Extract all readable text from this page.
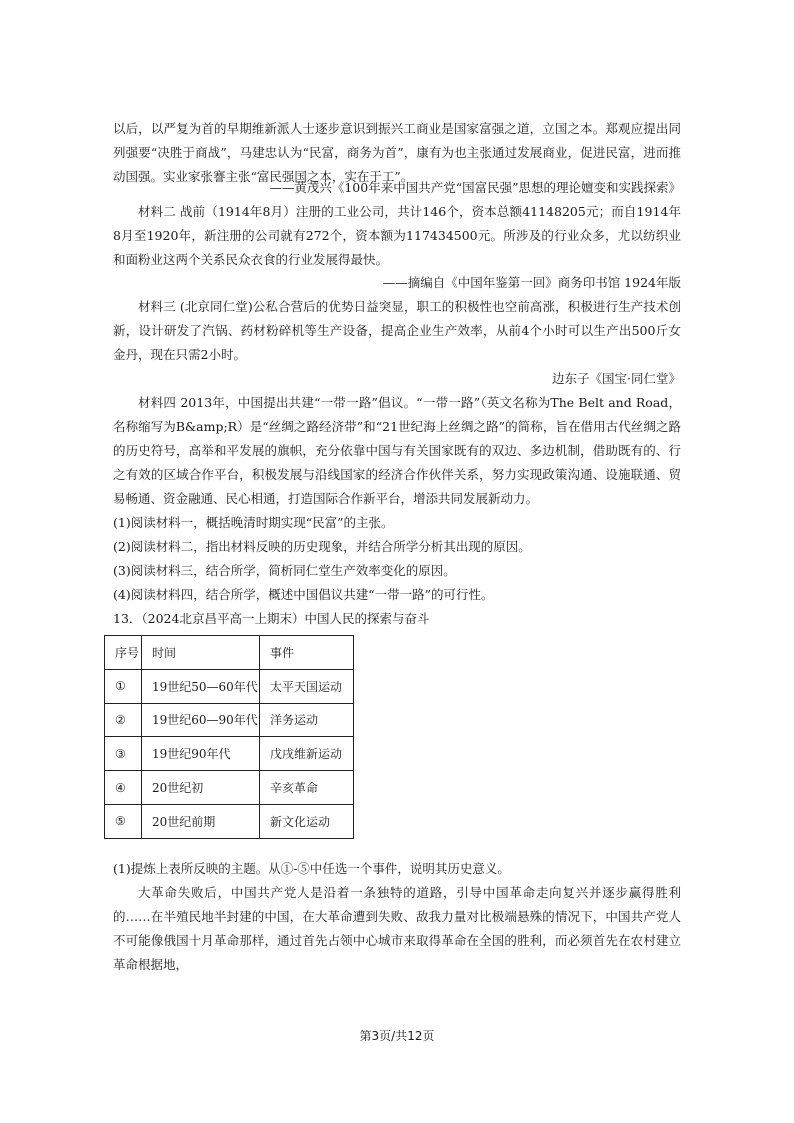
以后，以严复为首的早期维新派人士逐步意识到振兴工商业是国家富强之道，立国之本。郑观应提出同列强要“决胜于商战”，马建忠认为“民富，商务为首”，康有为也主张通过发展商业，促进民富，进而推动国强。实业家张謇主张“富民强国之本，实在于工”。

——黄茂兴《100年来中国共产党“国富民强”思想的理论嬗变和实践探索》

材料二 战前（1914年8月）注册的工业公司，共计146个，资本总额41148205元；而自1914年8月至1920年，新注册的公司就有272个，资本额为117434500元。所涉及的行业众多，尤以纺织业和面粉业这两个关系民众衣食的行业发展得最快。

——摘编自《中国年鉴第一回》商务印书馆 1924年版

材料三 (北京同仁堂)公私合营后的优势日益突显，职工的积极性也空前高涨，积极进行生产技术创新，设计研发了汽锅、药材粉碎机等生产设备，提高企业生产效率，从前4个小时可以生产出500斤女金丹，现在只需2小时。

边东子《国宝·同仁堂》

材料四 2013年，中国提出共建“一带一路”倡议。“一带一路”（英文名称为The Belt and Road，名称缩写为B&amp;R）是“丝绸之路经济带”和“21世纪海上丝绸之路”的简称，旨在借用古代丝绸之路的历史符号，高举和平发展的旗帜，充分依靠中国与有关国家既有的双边、多边机制，借助既有的、行之有效的区域合作平台，积极发展与沿线国家的经济合作伙伴关系，努力实现政策沟通、设施联通、贸易畅通、资金融通、民心相通，打造国际合作新平台，增添共同发展新动力。

(1)阅读材料一，概括晚清时期实现“民富”的主张。

(2)阅读材料二，指出材料反映的历史现象，并结合所学分析其出现的原因。

(3)阅读材料三，结合所学，简析同仁堂生产效率变化的原因。

(4)阅读材料四，结合所学，概述中国倡议共建“一带一路”的可行性。

13．（2024北京昌平高一上期末）中国人民的探索与奋斗

序号	时间	事件
①	19世纪50—60年代	太平天国运动
②	19世纪60—90年代	洋务运动
③	19世纪90年代	戊戌维新运动
④	20世纪初	辛亥革命
⑤	20世纪前期	新文化运动

(1)提炼上表所反映的主题。从①-⑤中任选一个事件，说明其历史意义。

大革命失败后，中国共产党人是沿着一条独特的道路，引导中国革命走向复兴并逐步赢得胜利的……在半殖民地半封建的中国，在大革命遭到失败、敌我力量对比极端悬殊的情况下，中国共产党人不可能像俄国十月革命那样，通过首先占领中心城市来取得革命在全国的胜利，而必须首先在农村建立革命根据地，

第3页/共12页
